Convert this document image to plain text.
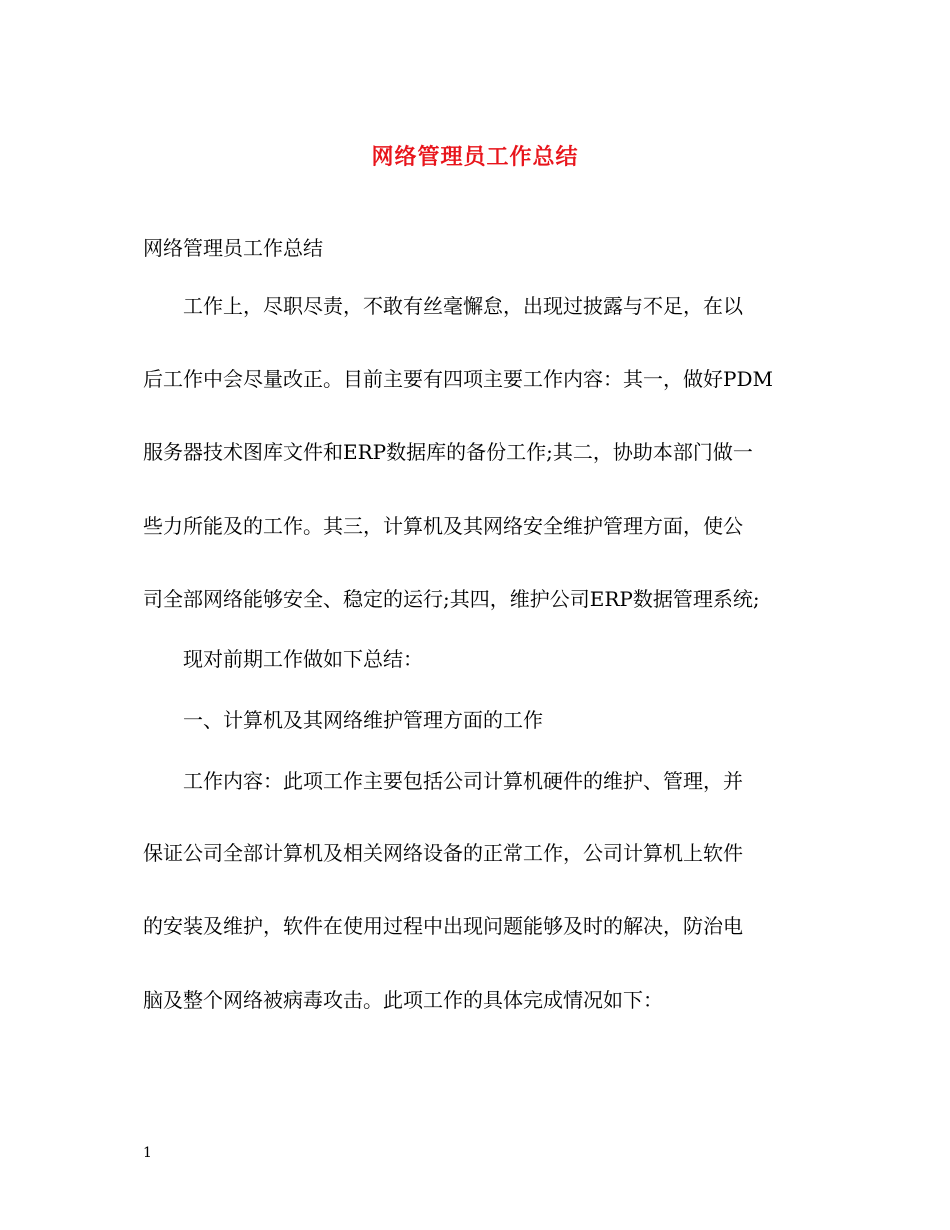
网络管理员工作总结
网络管理员工作总结
工作上，尽职尽责，不敢有丝毫懈怠，出现过披露与不足，在以
后工作中会尽量改正。目前主要有四项主要工作内容：其一，做好PDM
服务器技术图库文件和ERP数据库的备份工作;其二，协助本部门做一
些力所能及的工作。其三，计算机及其网络安全维护管理方面，使公
司全部网络能够安全、稳定的运行;其四，维护公司ERP数据管理系统;
现对前期工作做如下总结：
一、计算机及其网络维护管理方面的工作
工作内容：此项工作主要包括公司计算机硬件的维护、管理，并
保证公司全部计算机及相关网络设备的正常工作，公司计算机上软件
的安装及维护，软件在使用过程中出现问题能够及时的解决，防治电
脑及整个网络被病毒攻击。此项工作的具体完成情况如下：
1
